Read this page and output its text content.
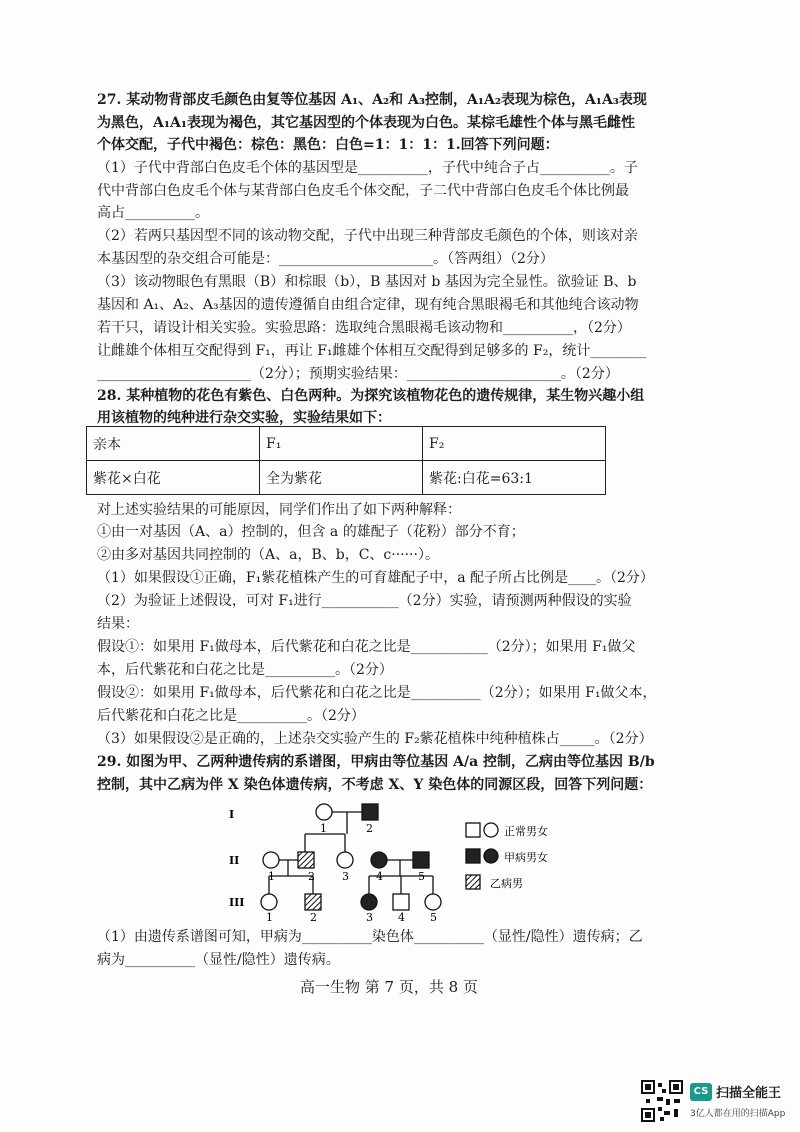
27. 某动物背部皮毛颜色由复等位基因 A₁、A₂和 A₃控制，A₁A₂表现为棕色，A₁A₃表现
为黑色，A₁A₁表现为褐色，其它基因型的个体表现为白色。某棕毛雄性个体与黑毛雌性
个体交配，子代中褐色：棕色：黑色：白色=1：1：1：1.回答下列问题：
（1）子代中背部白色皮毛个体的基因型是__________，子代中纯合子占__________。子
代中背部白色皮毛个体与某背部白色皮毛个体交配，子二代中背部白色皮毛个体比例最
高占__________。
（2）若两只基因型不同的该动物交配，子代中出现三种背部皮毛颜色的个体，则该对亲
本基因型的杂交组合可能是：______________________。（答两组）（2分）
（3）该动物眼色有黑眼（B）和棕眼（b），B 基因对 b 基因为完全显性。欲验证 B、b
基因和 A₁、A₂、A₃基因的遗传遵循自由组合定律，现有纯合黑眼褐毛和其他纯合该动物
若干只，请设计相关实验。实验思路：选取纯合黑眼褐毛该动物和__________，（2分）
让雌雄个体相互交配得到 F₁，再让 F₁雌雄个体相互交配得到足够多的 F₂，统计________
______________________（2分）；预期实验结果：______________________。（2分）
28. 某种植物的花色有紫色、白色两种。为探究该植物花色的遗传规律，某生物兴趣小组
用该植物的纯种进行杂交实验，实验结果如下：
亲本	F₁	F₂
紫花×白花	全为紫花	紫花:白花=63:1
对上述实验结果的可能原因，同学们作出了如下两种解释：
①由一对基因（A、a）控制的，但含 a 的雄配子（花粉）部分不育；
②由多对基因共同控制的（A、a，B、b，C、c······）。
（1）如果假设①正确，F₁紫花植株产生的可育雄配子中，a 配子所占比例是____。（2分）
（2）为验证上述假设，可对 F₁进行___________（2分）实验，请预测两种假设的实验
结果：
假设①：如果用 F₁做母本，后代紫花和白花之比是___________（2分）；如果用 F₁做父
本，后代紫花和白花之比是__________。（2分）
假设②：如果用 F₁做母本，后代紫花和白花之比是__________（2分）；如果用 F₁做父本，
后代紫花和白花之比是__________。（2分）
（3）如果假设②是正确的，上述杂交实验产生的 F₂紫花植株中纯种植株占_____。（2分）
29. 如图为甲、乙两种遗传病的系谱图，甲病由等位基因 A/a 控制，乙病由等位基因 B/b
控制，其中乙病为伴 X 染色体遗传病，不考虑 X、Y 染色体的同源区段，回答下列问题：
I
II
III
1	2
1	2 3 4	5
1	2	3 4 5
正常男女
甲病男女
乙病男
（1）由遗传系谱图可知，甲病为__________染色体__________（显性/隐性）遗传病；乙
病为__________（显性/隐性）遗传病。
高一生物 第 7 页，共 8 页
CS 扫描全能王
3亿人都在用的扫描App
